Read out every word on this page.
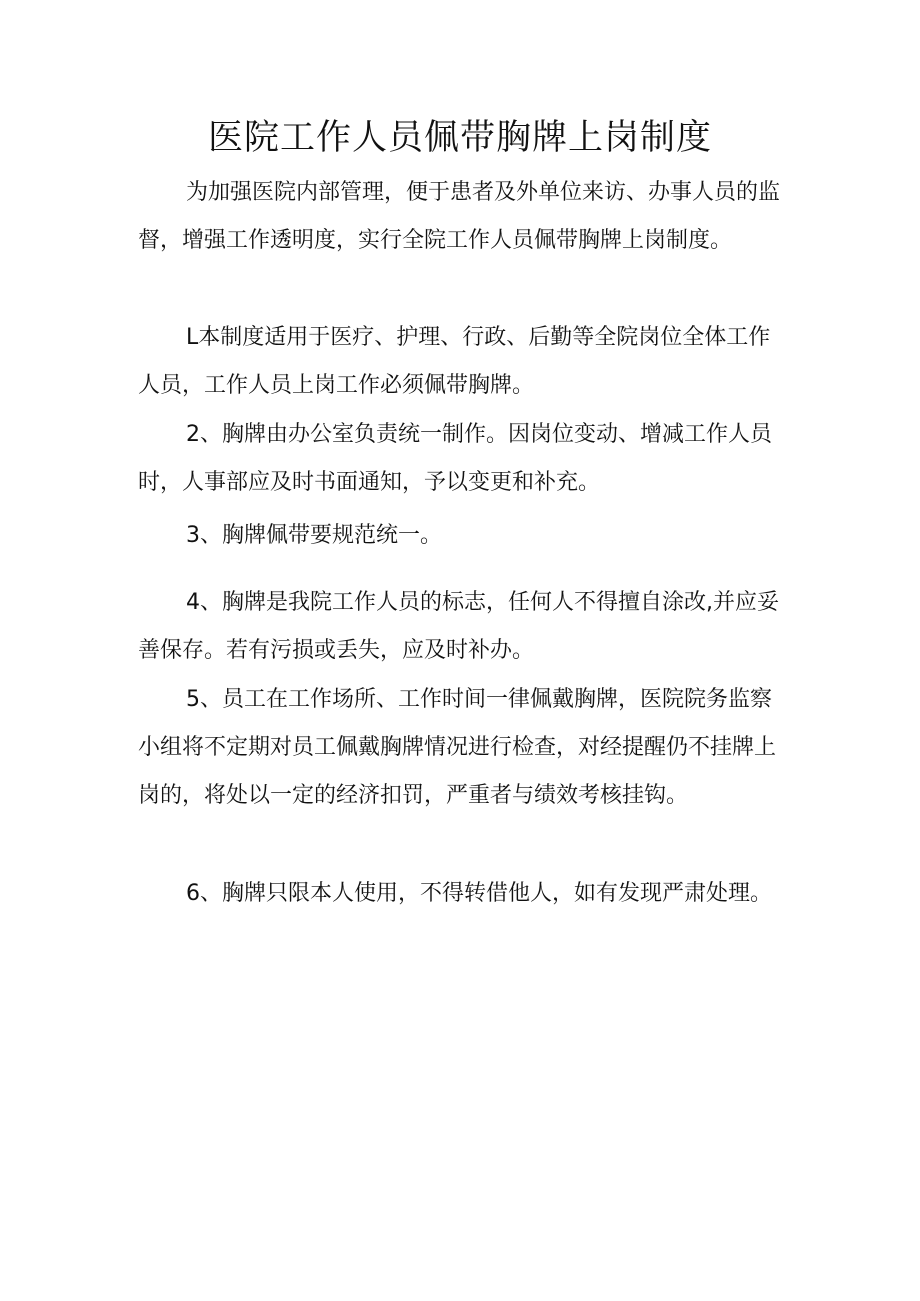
医院工作人员佩带胸牌上岗制度

为加强医院内部管理，便于患者及外单位来访、办事人员的监督，增强工作透明度，实行全院工作人员佩带胸牌上岗制度。

L本制度适用于医疗、护理、行政、后勤等全院岗位全体工作人员，工作人员上岗工作必须佩带胸牌。

2、胸牌由办公室负责统一制作。因岗位变动、增减工作人员时，人事部应及时书面通知，予以变更和补充。

3、胸牌佩带要规范统一。

4、胸牌是我院工作人员的标志，任何人不得擅自涂改,并应妥善保存。若有污损或丢失，应及时补办。

5、员工在工作场所、工作时间一律佩戴胸牌，医院院务监察小组将不定期对员工佩戴胸牌情况进行检查，对经提醒仍不挂牌上岗的，将处以一定的经济扣罚，严重者与绩效考核挂钩。

6、胸牌只限本人使用，不得转借他人，如有发现严肃处理。
